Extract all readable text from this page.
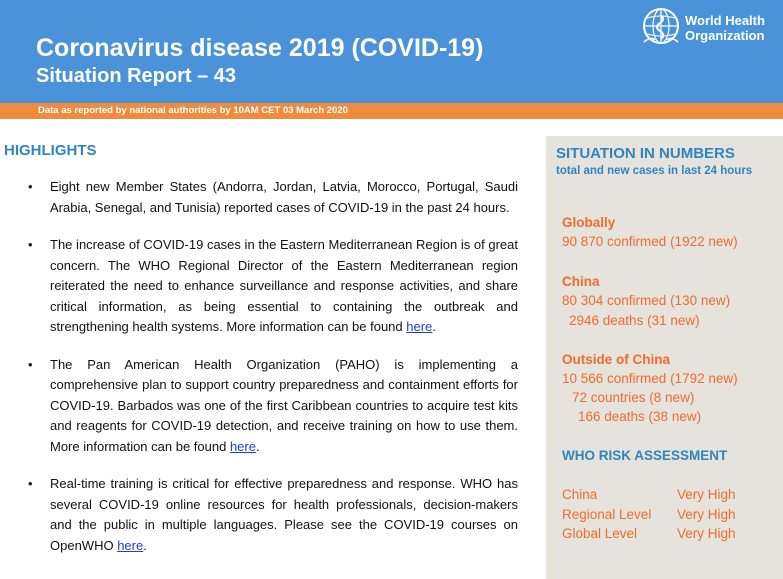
Coronavirus disease 2019 (COVID-19)
Situation Report – 43
World Health
Organization
Data as reported by national authorities by 10AM CET 03 March 2020
HIGHLIGHTS
• Eight new Member States (Andorra, Jordan, Latvia, Morocco, Portugal, Saudi Arabia, Senegal, and Tunisia) reported cases of COVID-19 in the past 24 hours.
• The increase of COVID-19 cases in the Eastern Mediterranean Region is of great concern. The WHO Regional Director of the Eastern Mediterranean region reiterated the need to enhance surveillance and response activities, and share critical information, as being essential to containing the outbreak and strengthening health systems. More information can be found here.
• The Pan American Health Organization (PAHO) is implementing a comprehensive plan to support country preparedness and containment efforts for COVID-19. Barbados was one of the first Caribbean countries to acquire test kits and reagents for COVID-19 detection, and receive training on how to use them. More information can be found here.
• Real-time training is critical for effective preparedness and response. WHO has several COVID-19 online resources for health professionals, decision-makers and the public in multiple languages. Please see the COVID-19 courses on OpenWHO here.
SITUATION IN NUMBERS
total and new cases in last 24 hours
Globally
90 870 confirmed (1922 new)
China
80 304 confirmed (130 new)
2946 deaths (31 new)
Outside of China
10 566 confirmed (1792 new)
72 countries (8 new)
166 deaths (38 new)
WHO RISK ASSESSMENT
China	Very High
Regional Level Very High
Global Level	Very High
